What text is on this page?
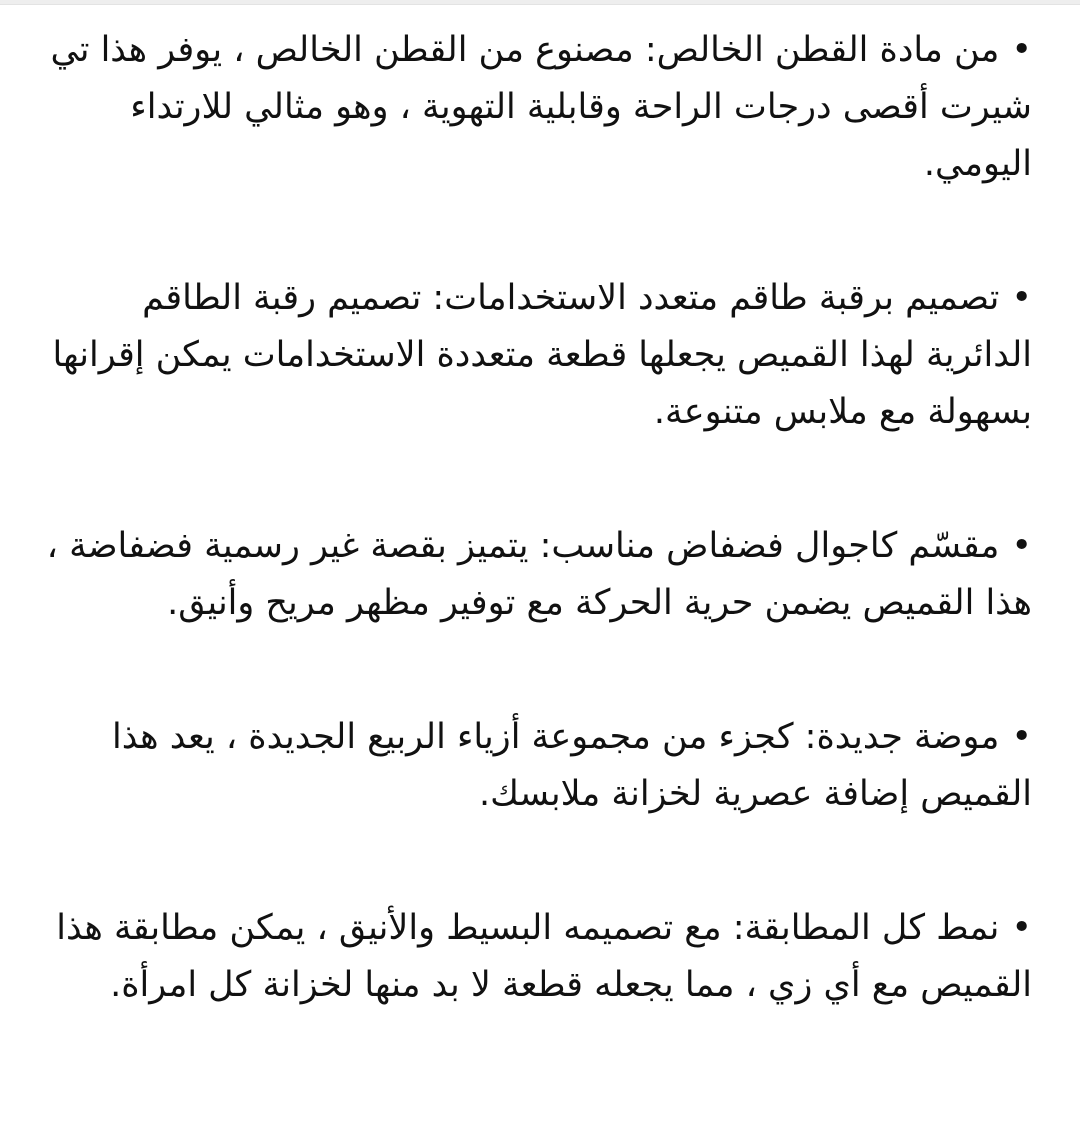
•من مادة القطن الخالص: مصنوع من القطن الخالص ، يوفر هذا تي شيرت أقصى درجات الراحة وقابلية التهوية ، وهو مثالي للارتداء اليومي.

•تصميم برقبة طاقم متعدد الاستخدامات: تصميم رقبة الطاقم الدائرية لهذا القميص يجعلها قطعة متعددة الاستخدامات يمكن إقرانها بسهولة مع ملابس متنوعة.

•مقسّم كاجوال فضفاض مناسب: يتميز بقصة غير رسمية فضفاضة ، هذا القميص يضمن حرية الحركة مع توفير مظهر مريح وأنيق.

•موضة جديدة: كجزء من مجموعة أزياء الربيع الجديدة ، يعد هذا القميص إضافة عصرية لخزانة ملابسك.

•نمط كل المطابقة: مع تصميمه البسيط والأنيق ، يمكن مطابقة هذا القميص مع أي زي ، مما يجعله قطعة لا بد منها لخزانة كل امرأة.
